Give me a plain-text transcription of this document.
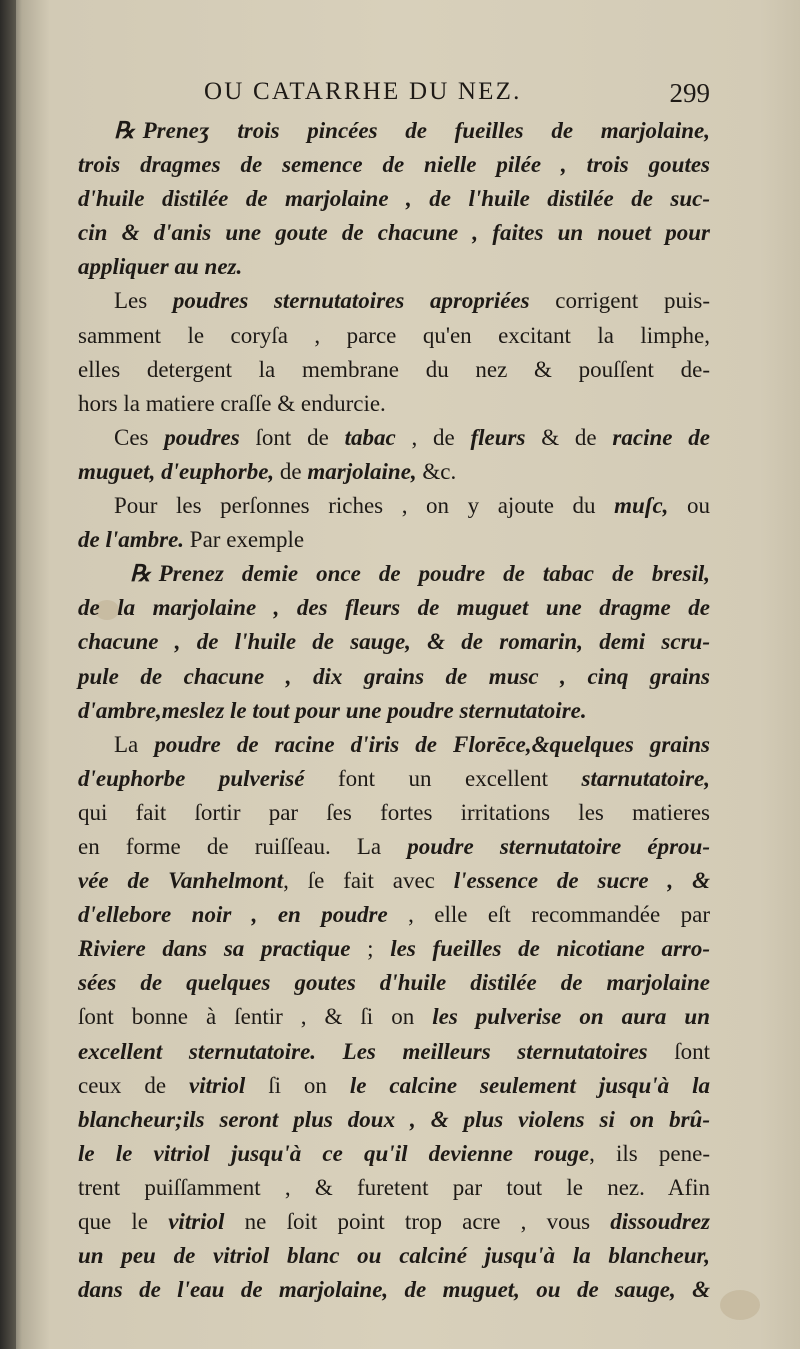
OU CATARRHE DU NEZ.	299
℞ Preneʒ trois pincées de fueilles de marjolaine,
trois dragmes de semence de nielle pilée , trois goutes
d'huile distilée de marjolaine , de l'huile distilée de suc-
cin & d'anis une goute de chacune , faites un nouet pour
appliquer au nez.
Les poudres sternutatoires apropriées corrigent puis-
samment le coryſa , parce qu'en excitant la limphe,
elles detergent la membrane du nez & pouſſent de-
hors la matiere craſſe & endurcie.
Ces poudres ſont de tabac , de fleurs & de racine de
muguet, d'euphorbe, de marjolaine, &c.
Pour les perſonnes riches , on y ajoute du muſc, ou
de l'ambre. Par exemple
℞ Prenez demie once de poudre de tabac de bresil,
de la marjolaine , des fleurs de muguet une dragme de
chacune , de l'huile de sauge, & de romarin, demi scru-
pule de chacune , dix grains de musc , cinq grains
d'ambre,meslez le tout pour une poudre sternutatoire.
La poudre de racine d'iris de Florēce,&quelques grains
d'euphorbe pulverisé font un excellent starnutatoire,
qui fait ſortir par ſes fortes irritations les matieres
en forme de ruiſſeau. La poudre sternutatoire éprou-
vée de Vanhelmont, ſe fait avec l'essence de sucre , &
d'ellebore noir , en poudre , elle eſt recommandée par
Riviere dans sa practique ; les fueilles de nicotiane arro-
sées de quelques goutes d'huile distilée de marjolaine
ſont bonne à ſentir , & ſi on les pulverise on aura un
excellent sternutatoire. Les meilleurs sternutatoires ſont
ceux de vitriol ſi on le calcine seulement jusqu'à la
blancheur;ils seront plus doux , & plus violens si on brû-
le le vitriol jusqu'à ce qu'il devienne rouge, ils pene-
trent puiſſamment , & furetent par tout le nez. Afin
que le vitriol ne ſoit point trop acre , vous dissoudrez
un peu de vitriol blanc ou calciné jusqu'à la blancheur,
dans de l'eau de marjolaine, de muguet, ou de sauge, &
